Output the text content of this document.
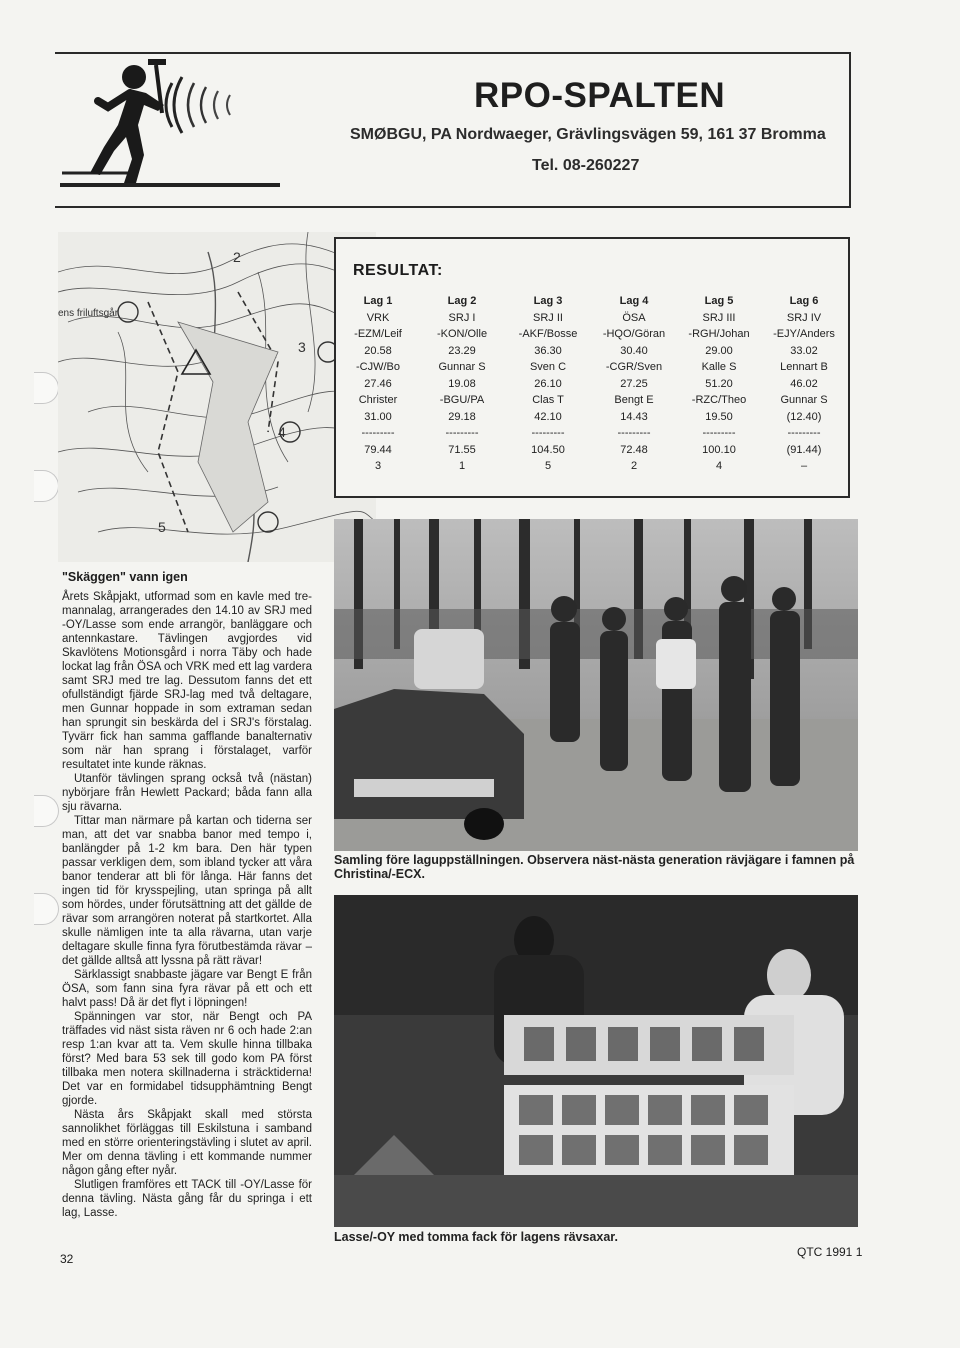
RPO-SPALTEN
SMØBGU, PA Nordwaeger, Grävlingsvägen 59, 161 37 Bromma
Tel. 08-260227
4
2
3
5
ens friluftsgår
RESULTAT:
Lag 1
VRK
-EZM/Leif
20.58
-CJW/Bo
27.46
Christer
31.00
---------
79.44
3
Lag 2
SRJ I
-KON/Olle
23.29
Gunnar S
19.08
-BGU/PA
29.18
---------
71.55
1
Lag 3
SRJ II
-AKF/Bosse
36.30
Sven C
26.10
Clas T
42.10
---------
104.50
5
Lag 4
ÖSA
-HQO/Göran
30.40
-CGR/Sven
27.25
Bengt E
14.43
---------
72.48
2
Lag 5
SRJ III
-RGH/Johan
29.00
Kalle S
51.20
-RZC/Theo
19.50
---------
100.10
4
Lag 6
SRJ IV
-EJY/Anders
33.02
Lennart B
46.02
Gunnar S
(12.40)
---------
(91.44)
–
Samling före laguppställningen. Observera näst-nästa generation rävjägare i famnen på Christina/-ECX.
Lasse/-OY med tomma fack för lagens rävsaxar.
"Skäggen" vann igen

Årets Skåpjakt, utformad som en kavle med tre-mannalag, arrangerades den 14.10 av SRJ med -OY/Lasse som ende arrangör, banläggare och antennkastare. Tävlingen avgjordes vid Skavlötens Motionsgård i norra Täby och hade lockat lag från ÖSA och VRK med ett lag vardera samt SRJ med tre lag. Dessutom fanns det ett ofullständigt fjärde SRJ-lag med två deltagare, men Gunnar hoppade in som extraman sedan han sprungit sin beskärda del i SRJ's förstalag. Tyvärr fick han samma gafflande banalternativ som när han sprang i förstalaget, varför resultatet inte kunde räknas.

Utanför tävlingen sprang också två (nästan) nybörjare från Hewlett Packard; båda fann alla sju rävarna.

Tittar man närmare på kartan och tiderna ser man, att det var snabba banor med tempo i, banlängder på 1-2 km bara. Den här typen passar verkligen dem, som ibland tycker att våra banor tenderar att bli för långa. Här fanns det ingen tid för krysspejling, utan springa på allt som hördes, under förutsättning att det gällde de rävar som arrangören noterat på startkortet. Alla skulle nämligen inte ta alla rävarna, utan varje deltagare skulle finna fyra förutbestämda rävar – det gällde alltså att lyssna på rätt rävar!

Särklassigt snabbaste jägare var Bengt E från ÖSA, som fann sina fyra rävar på ett och ett halvt pass! Då är det flyt i löpningen!

Spänningen var stor, när Bengt och PA träffades vid näst sista räven nr 6 och hade 2:an resp 1:an kvar att ta. Vem skulle hinna tillbaka först? Med bara 53 sek till godo kom PA först tillbaka men notera skillnaderna i sträcktiderna! Det var en formidabel tidsupphämtning Bengt gjorde.

Nästa års Skåpjakt skall med största sannolikhet förläggas till Eskilstuna i samband med en större orienteringstävling i slutet av april. Mer om denna tävling i ett kommande nummer någon gång efter nyår.

Slutligen framföres ett TACK till -OY/Lasse för denna tävling. Nästa gång får du springa i ett lag, Lasse.

32	QTC 1991 1
